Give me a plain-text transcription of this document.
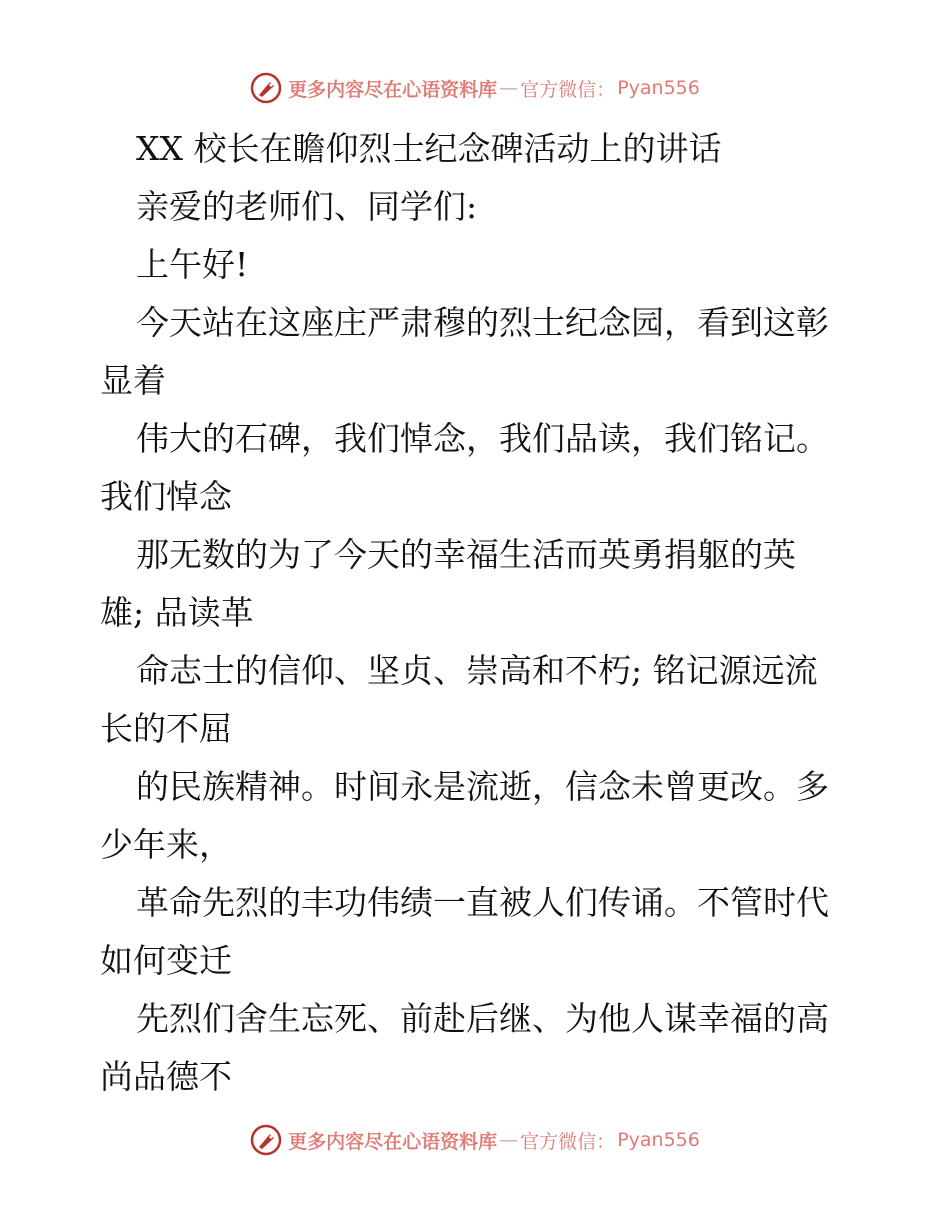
更多内容尽在心语资料库 — 官方微信： Pyan556
XX 校长在瞻仰烈士纪念碑活动上的讲话
亲爱的老师们、同学们:
上午好!
今天站在这座庄严肃穆的烈士纪念园，看到这彰
显着
伟大的石碑，我们悼念，我们品读，我们铭记。
我们悼念
那无数的为了今天的幸福生活而英勇捐躯的英
雄; 品读革
命志士的信仰、坚贞、崇高和不朽; 铭记源远流
长的不屈
的民族精神。时间永是流逝，信念未曾更改。多
少年来，
革命先烈的丰功伟绩一直被人们传诵。不管时代
如何变迁
先烈们舍生忘死、前赴后继、为他人谋幸福的高
尚品德不
更多内容尽在心语资料库 — 官方微信： Pyan556
